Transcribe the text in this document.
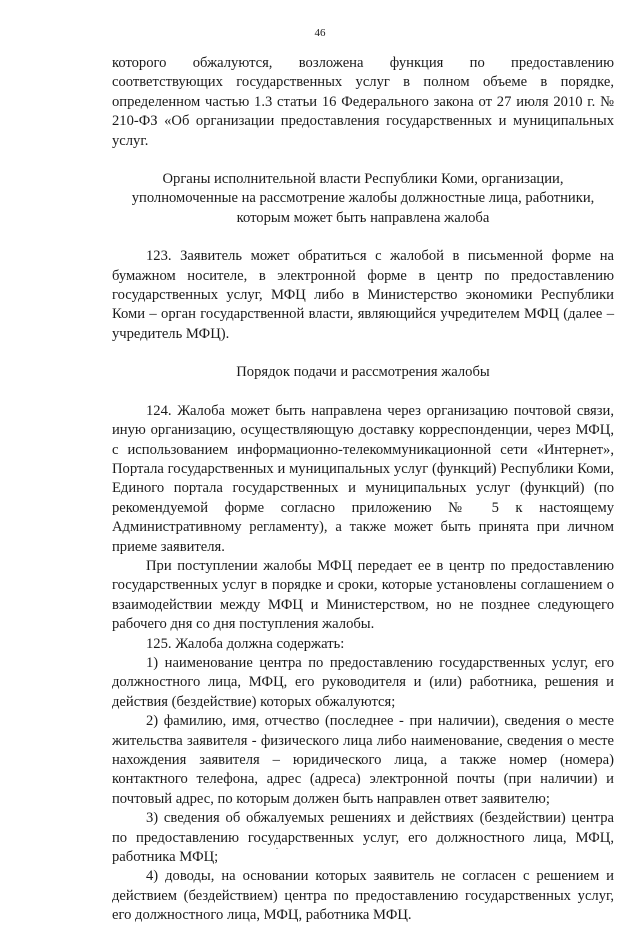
46

которого обжалуются, возложена функция по предоставлению соответствующих государственных услуг в полном объеме в порядке, определенном частью 1.3 статьи 16 Федерального закона от 27 июля 2010 г. № 210-ФЗ «Об организации предоставления государственных и муниципальных услуг.

Органы исполнительной власти Республики Коми, организации,

уполномоченные на рассмотрение жалобы должностные лица, работники,

которым может быть направлена жалоба

123. Заявитель может обратиться с жалобой в письменной форме на бумажном носителе, в электронной форме в центр по предоставлению государственных услуг, МФЦ либо в Министерство экономики Республики Коми – орган государственной власти, являющийся учредителем МФЦ (далее – учредитель МФЦ).

Порядок подачи и рассмотрения жалобы

124. Жалоба может быть направлена через организацию почтовой связи, иную организацию, осуществляющую доставку корреспонденции, через МФЦ, с использованием информационно-телекоммуникационной сети «Интернет», Портала государственных и муниципальных услуг (функций) Республики Коми, Единого портала государственных и муниципальных услуг (функций) (по рекомендуемой форме согласно приложению № 5 к настоящему Административному регламенту), а также может быть принята при личном приеме заявителя.

При поступлении жалобы МФЦ передает ее в центр по предоставлению государственных услуг в порядке и сроки, которые установлены соглашением о взаимодействии между МФЦ и Министерством, но не позднее следующего рабочего дня со дня поступления жалобы.

125. Жалоба должна содержать:

1) наименование центра по предоставлению государственных услуг, его должностного лица, МФЦ, его руководителя и (или) работника, решения и действия (бездействие) которых обжалуются;

2) фамилию, имя, отчество (последнее - при наличии), сведения о месте жительства заявителя - физического лица либо наименование, сведения о месте нахождения заявителя – юридического лица, а также номер (номера) контактного телефона, адрес (адреса) электронной почты (при наличии) и почтовый адрес, по которым должен быть направлен ответ заявителю;

3) сведения об обжалуемых решениях и действиях (бездействии) центра по предоставлению государственных услуг, его должностного лица, МФЦ, работника МФЦ;

4) доводы, на основании которых заявитель не согласен с решением и действием (бездействием) центра по предоставлению государственных услуг, его должностного лица, МФЦ, работника МФЦ.
